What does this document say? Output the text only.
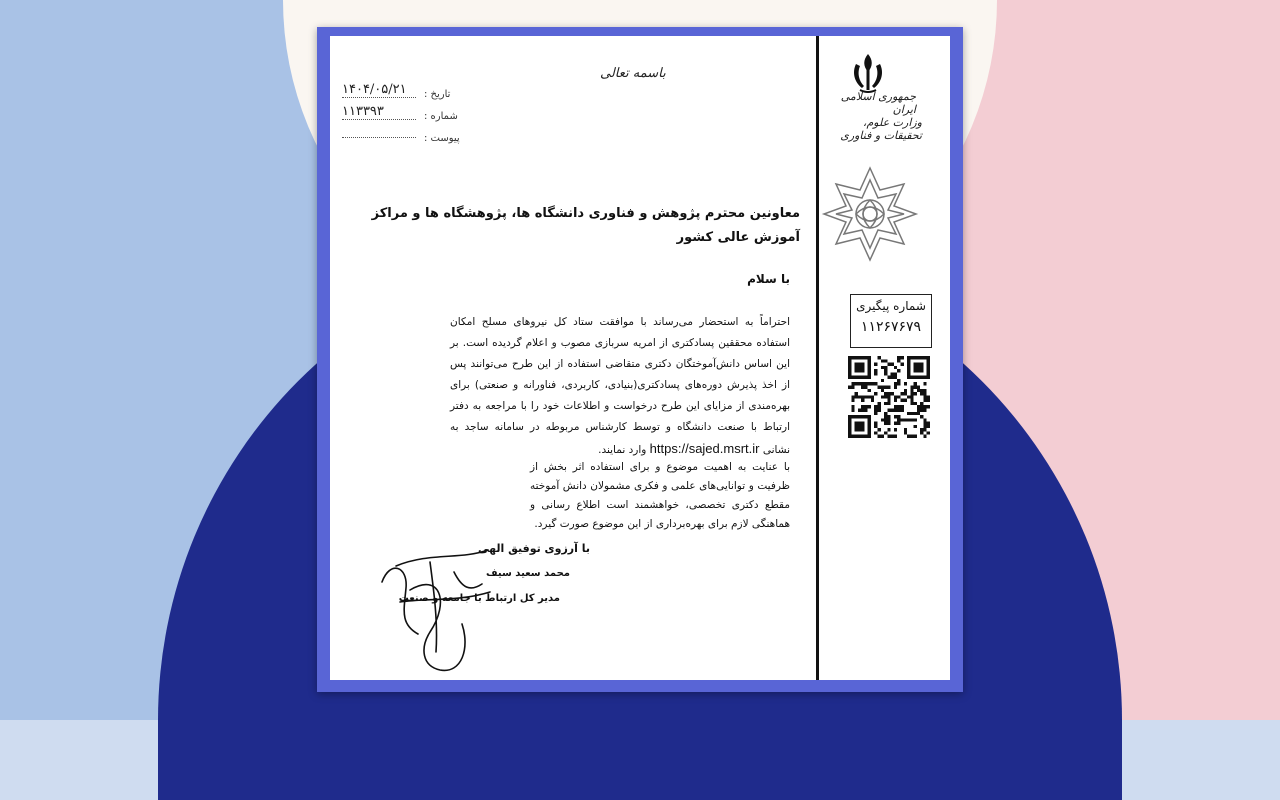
باسمه تعالی
تاریخ :
۱۴۰۴/۰۵/۲۱
شماره :
۱۱۳۳۹۳
پیوست :
جمهوری اسلامی ایران
وزارت علوم، تحقیقات و فناوری
شماره پیگیری
۱۱۲۶۷۶۷۹
معاونین محترم پژوهش و فناوری دانشگاه ها، پژوهشگاه ها و مراکز آموزش عالی کشور
با سلام
احتراماً به استحضار می‌رساند با موافقت ستاد کل نیروهای مسلح امکان استفاده محققین پسادکتری از امریه سربازی مصوب و اعلام گردیده است. بر این اساس دانش‌آموختگان دکتری متقاضی استفاده از این طرح می‌توانند پس از اخذ پذیرش دوره‌های پسادکتری(بنیادی، کاربردی، فناورانه و صنعتی) برای بهره‌مندی از مزایای این طرح درخواست و اطلاعات خود را با مراجعه به دفتر ارتباط با صنعت دانشگاه و توسط کارشناس مربوطه در سامانه ساجد به نشانی https://sajed.msrt.ir وارد نمایند.
با عنایت به اهمیت موضوع و برای استفاده اثر بخش از ظرفیت و توانایی‌های علمی و فکری مشمولان دانش آموخته مقطع دکتری تخصصی، خواهشمند است اطلاع رسانی و هماهنگی لازم برای بهره‌برداری از این موضوع صورت گیرد.
با آرزوی توفیق الهی
محمد سعید سیف
مدیر کل ارتباط با جامعه و صنعت
